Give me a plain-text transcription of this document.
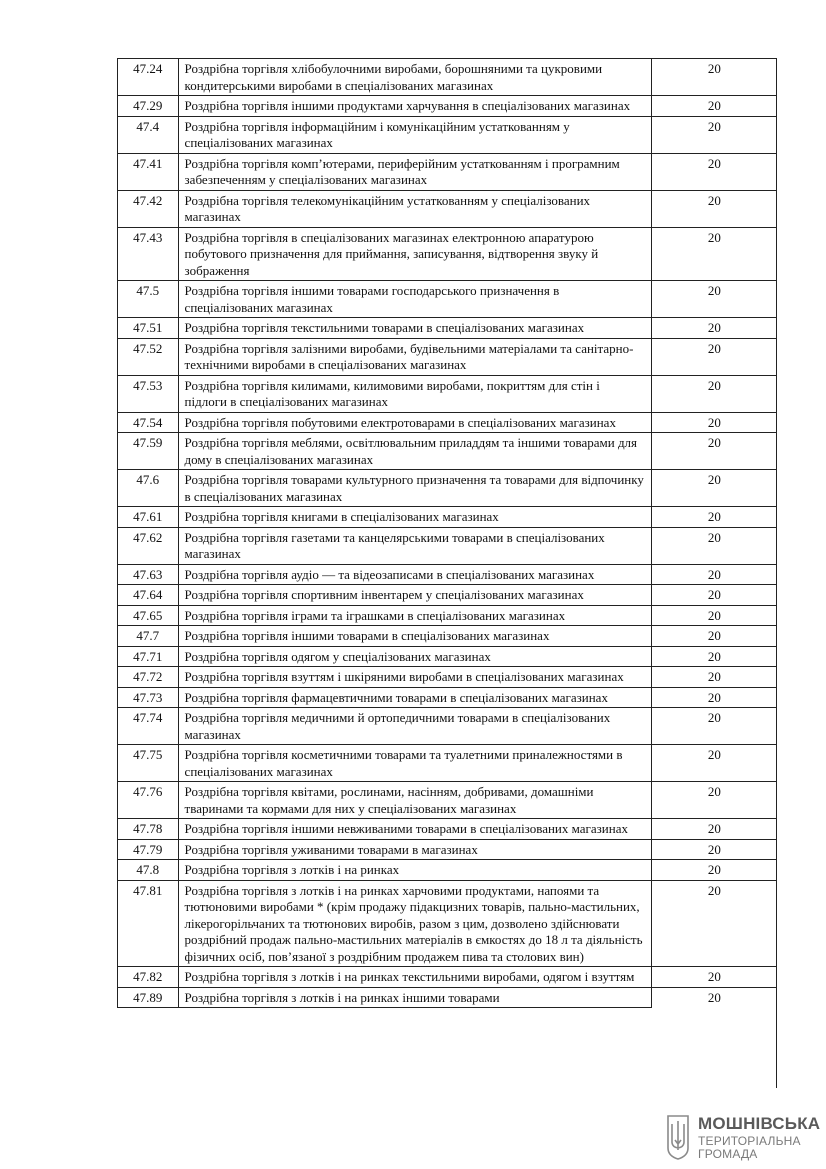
47.24	Роздрібна торгівля хлібобулочними виробами, борошняними та цукровими кондитерськими виробами в спеціалізованих магазинах	20
47.29	Роздрібна торгівля іншими продуктами харчування в спеціалізованих магазинах	20
47.4	Роздрібна торгівля інформаційним і комунікаційним устаткованням у спеціалізованих магазинах	20
47.41	Роздрібна торгівля комп’ютерами, периферійним устаткованням і програмним забезпеченням у спеціалізованих магазинах	20
47.42	Роздрібна торгівля телекомунікаційним устаткованням у спеціалізованих магазинах	20
47.43	Роздрібна торгівля в спеціалізованих магазинах електронною апаратурою побутового призначення для приймання, записування, відтворення звуку й зображення	20
47.5	Роздрібна торгівля іншими товарами господарського призначення в спеціалізованих магазинах	20
47.51	Роздрібна торгівля текстильними товарами в спеціалізованих магазинах	20
47.52	Роздрібна торгівля залізними виробами, будівельними матеріалами та санітарно-технічними виробами в спеціалізованих магазинах	20
47.53	Роздрібна торгівля килимами, килимовими виробами, покриттям для стін і підлоги в спеціалізованих магазинах	20
47.54	Роздрібна торгівля побутовими електротоварами в спеціалізованих магазинах	20
47.59	Роздрібна торгівля меблями, освітлювальним приладдям та іншими товарами для дому в спеціалізованих магазинах	20
47.6	Роздрібна торгівля товарами культурного призначення та товарами для відпочинку в спеціалізованих магазинах	20
47.61	Роздрібна торгівля книгами в спеціалізованих магазинах	20
47.62	Роздрібна торгівля газетами та канцелярськими товарами в спеціалізованих магазинах	20
47.63	Роздрібна торгівля аудіо — та відеозаписами в спеціалізованих магазинах	20
47.64	Роздрібна торгівля спортивним інвентарем у спеціалізованих магазинах	20
47.65	Роздрібна торгівля іграми та іграшками в спеціалізованих магазинах	20
47.7	Роздрібна торгівля іншими товарами в спеціалізованих магазинах	20
47.71	Роздрібна торгівля одягом у спеціалізованих магазинах	20
47.72	Роздрібна торгівля взуттям і шкіряними виробами в спеціалізованих магазинах	20
47.73	Роздрібна торгівля фармацевтичними товарами в спеціалізованих магазинах	20
47.74	Роздрібна торгівля медичними й ортопедичними товарами в спеціалізованих магазинах	20
47.75	Роздрібна торгівля косметичними товарами та туалетними приналежностями в спеціалізованих магазинах	20
47.76	Роздрібна торгівля квітами, рослинами, насінням, добривами, домашніми тваринами та кормами для них у спеціалізованих магазинах	20
47.78	Роздрібна торгівля іншими невживаними товарами в спеціалізованих магазинах	20
47.79	Роздрібна торгівля уживаними товарами в магазинах	20
47.8	Роздрібна торгівля з лотків і на ринках	20
47.81	Роздрібна торгівля з лотків і на ринках харчовими продуктами, напоями та тютюновими виробами * (крім продажу підакцизних товарів, пально-мастильних, лікерогорільчаних та тютюнових виробів, разом з цим, дозволено здійснювати роздрібний продаж пально-мастильних матеріалів в ємкостях до 18 л та діяльність фізичних осіб, пов’язаної з роздрібним продажем пива та столових вин)	20
47.82	Роздрібна торгівля з лотків і на ринках текстильними виробами, одягом і взуттям	20
47.89	Роздрібна торгівля з лотків і на ринках іншими товарами	20
МОШНІВСЬКА
ТЕРИТОРІАЛЬНА
ГРОМАДА
